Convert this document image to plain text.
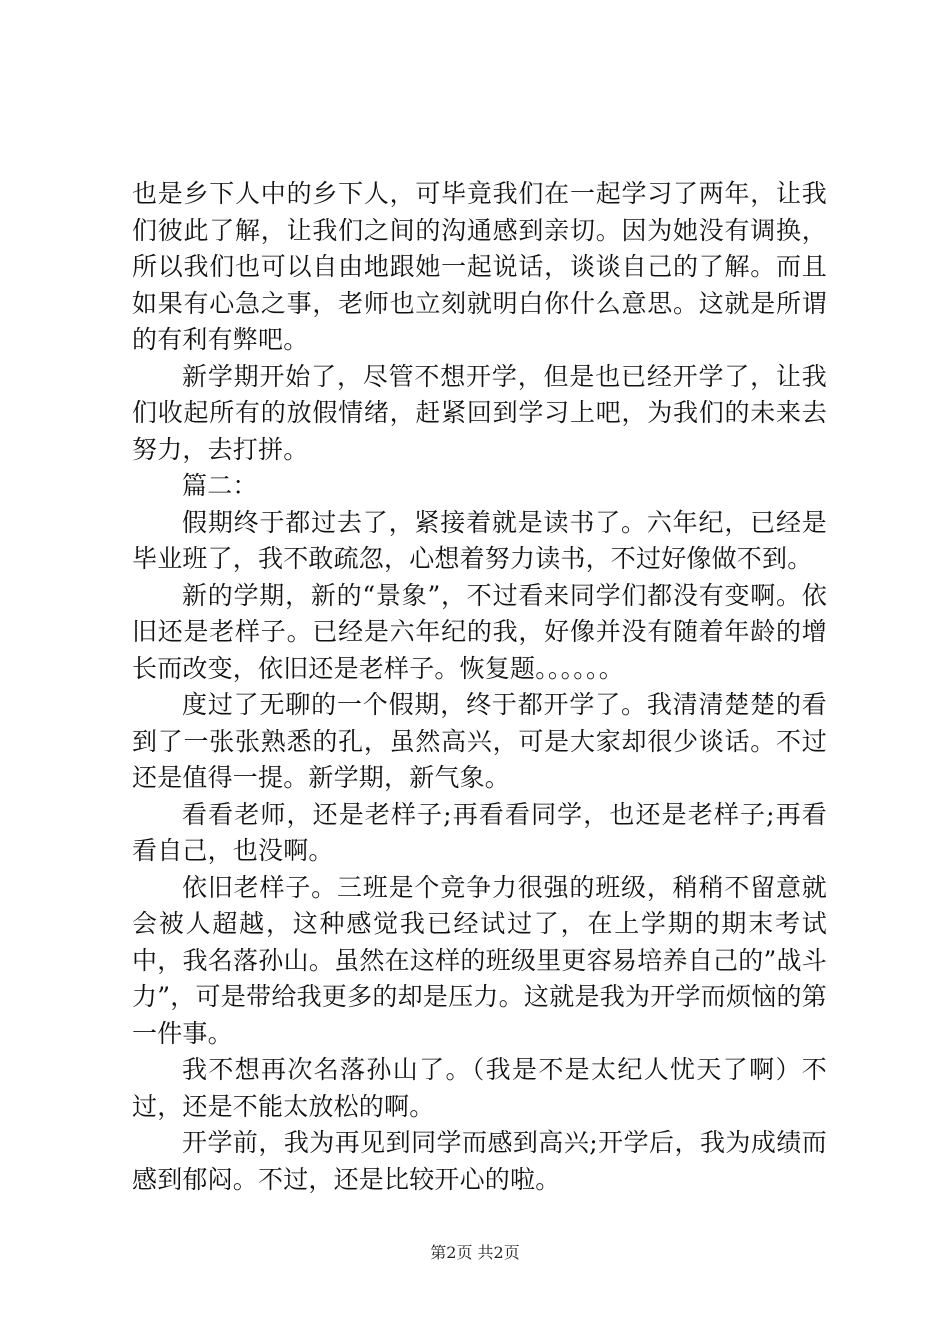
也是乡下人中的乡下人，可毕竟我们在一起学习了两年，让我们彼此了解，让我们之间的沟通感到亲切。因为她没有调换，所以我们也可以自由地跟她一起说话，谈谈自己的了解。而且如果有心急之事，老师也立刻就明白你什么意思。这就是所谓的有利有弊吧。

新学期开始了，尽管不想开学，但是也已经开学了，让我们收起所有的放假情绪，赶紧回到学习上吧，为我们的未来去努力，去打拼。

篇二：

假期终于都过去了，紧接着就是读书了。六年纪，已经是毕业班了，我不敢疏忽，心想着努力读书，不过好像做不到。

新的学期，新的“景象”，不过看来同学们都没有变啊。依旧还是老样子。已经是六年纪的我，好像并没有随着年龄的增长而改变，依旧还是老样子。恢复题。。。。。。

度过了无聊的一个假期，终于都开学了。我清清楚楚的看到了一张张熟悉的孔，虽然高兴，可是大家却很少谈话。不过还是值得一提。新学期，新气象。

看看老师，还是老样子;再看看同学，也还是老样子;再看看自己，也没啊。

依旧老样子。三班是个竞争力很强的班级，稍稍不留意就会被人超越，这种感觉我已经试过了，在上学期的期末考试中，我名落孙山。虽然在这样的班级里更容易培养自己的”战斗力”，可是带给我更多的却是压力。这就是我为开学而烦恼的第一件事。

我不想再次名落孙山了。（我是不是太纪人忧天了啊）不过，还是不能太放松的啊。

开学前，我为再见到同学而感到高兴;开学后，我为成绩而感到郁闷。不过，还是比较开心的啦。

第2页 共2页
